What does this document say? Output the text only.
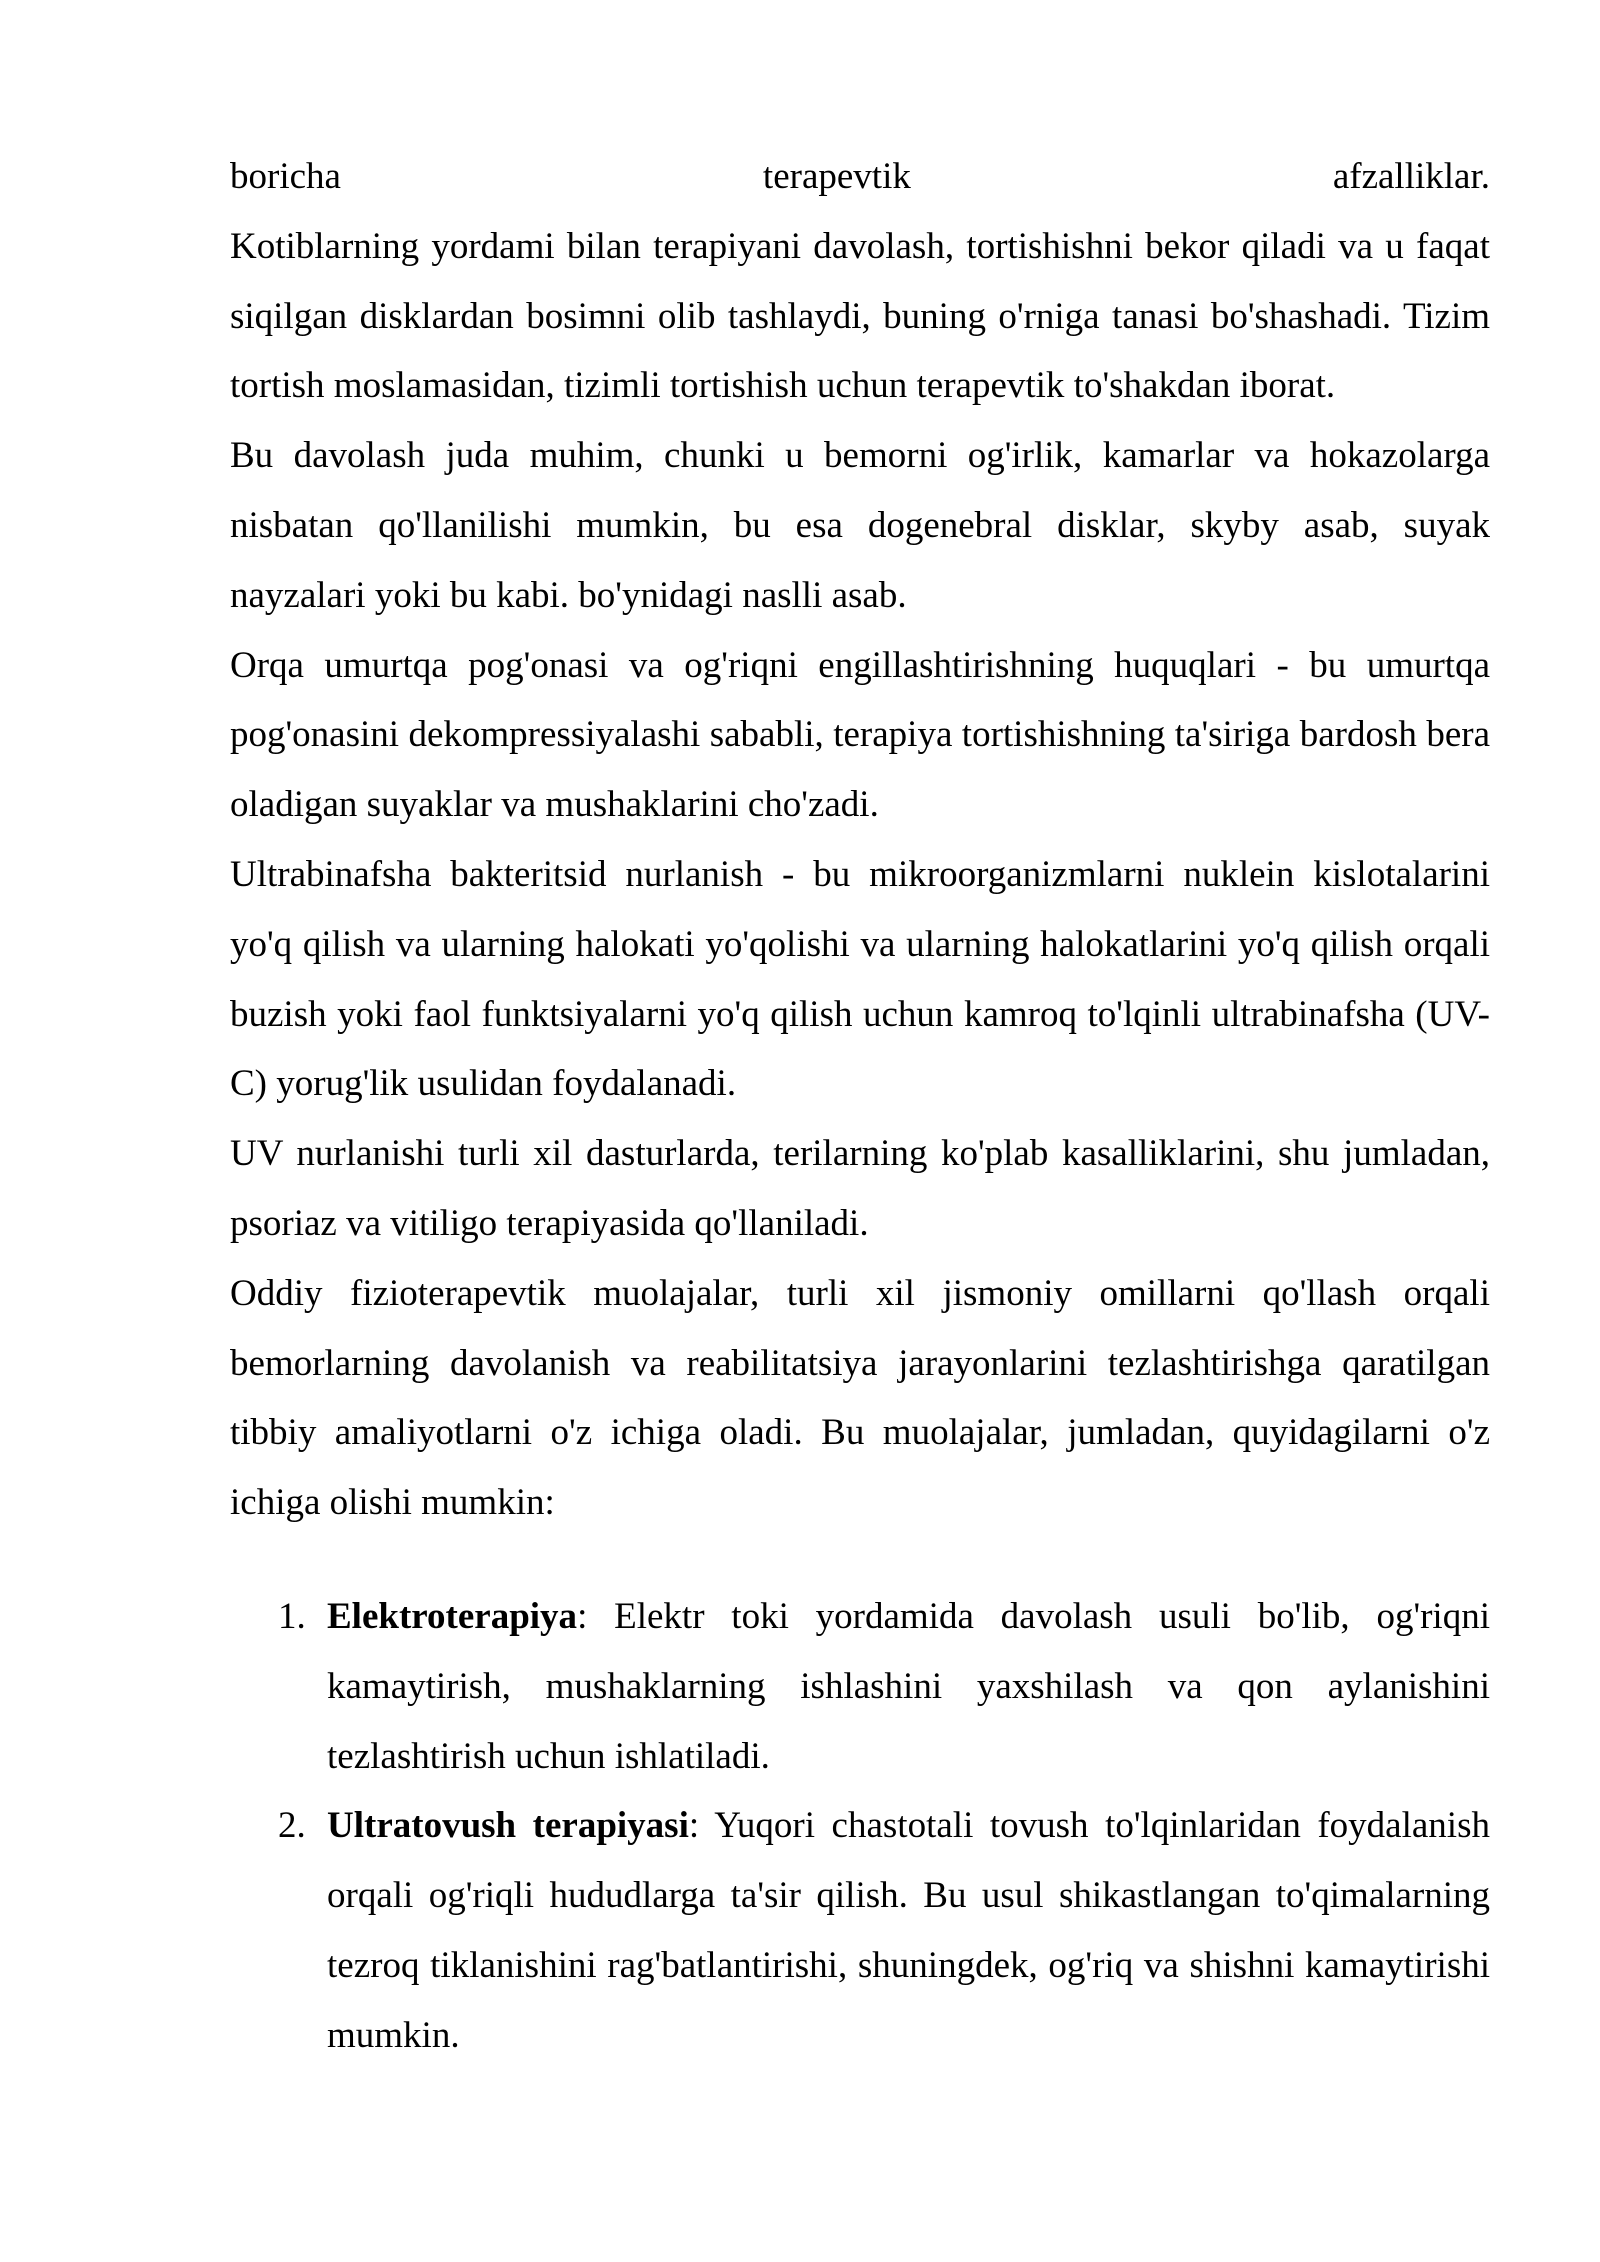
boricha terapevtik afzalliklar.

Kotiblarning yordami bilan terapiyani davolash, tortishishni bekor qiladi va u faqat siqilgan disklardan bosimni olib tashlaydi, buning o'rniga tanasi bo'shashadi. Tizim tortish moslamasidan, tizimli tortishish uchun terapevtik to'shakdan iborat.

Bu davolash juda muhim, chunki u bemorni og'irlik, kamarlar va hokazolarga nisbatan qo'llanilishi mumkin, bu esa dogenebral disklar, skyby asab, suyak nayzalari yoki bu kabi. bo'ynidagi naslli asab.

Orqa umurtqa pog'onasi va og'riqni engillashtirishning huquqlari - bu umurtqa pog'onasini dekompressiyalashi sababli, terapiya tortishishning ta'siriga bardosh bera oladigan suyaklar va mushaklarini cho'zadi.

Ultrabinafsha bakteritsid nurlanish - bu mikroorganizmlarni nuklein kislotalarini yo'q qilish va ularning halokati yo'qolishi va ularning halokatlarini yo'q qilish orqali buzish yoki faol funktsiyalarni yo'q qilish uchun kamroq to'lqinli ultrabinafsha (UV-C) yorug'lik usulidan foydalanadi.

UV nurlanishi turli xil dasturlarda, terilarning ko'plab kasalliklarini, shu jumladan, psoriaz va vitiligo terapiyasida qo'llaniladi.

Oddiy fizioterapevtik muolajalar, turli xil jismoniy omillarni qo'llash orqali bemorlarning davolanish va reabilitatsiya jarayonlarini tezlashtirishga qaratilgan tibbiy amaliyotlarni o'z ichiga oladi. Bu muolajalar, jumladan, quyidagilarni o'z ichiga olishi mumkin:

1. Elektroterapiya: Elektr toki yordamida davolash usuli bo'lib, og'riqni kamaytirish, mushaklarning ishlashini yaxshilash va qon aylanishini tezlashtirish uchun ishlatiladi.
2. Ultratovush terapiyasi: Yuqori chastotali tovush to'lqinlaridan foydalanish orqali og'riqli hududlarga ta'sir qilish. Bu usul shikastlangan to'qimalarning tezroq tiklanishini rag'batlantirishi, shuningdek, og'riq va shishni kamaytirishi mumkin.
